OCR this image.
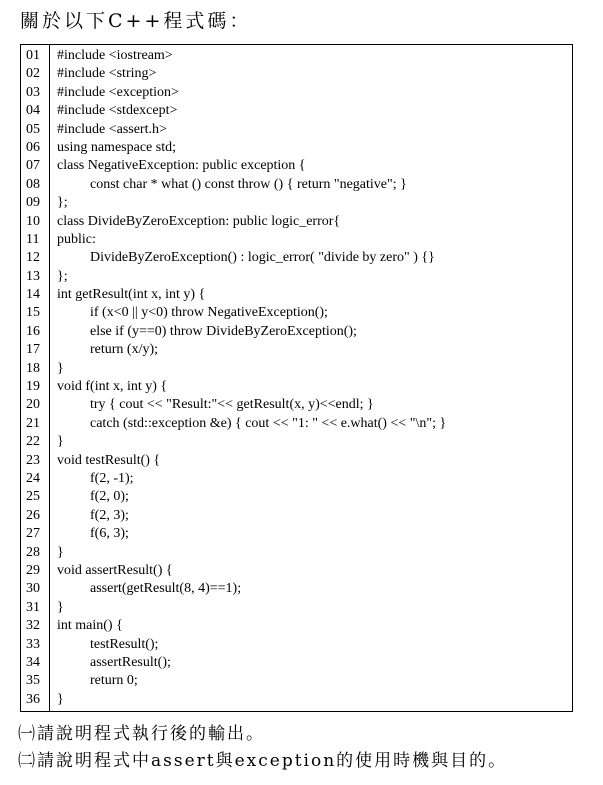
關於以下C++程式碼：
01	#include <iostream>
02	#include <string>
03	#include <exception>
04	#include <stdexcept>
05	#include <assert.h>
06	using namespace std;
07	class NegativeException: public exception {
08	const char * what () const throw () { return "negative"; }
09	};
10	class DivideByZeroException: public logic_error{
11	public:
12	DivideByZeroException() : logic_error( "divide by zero" ) {}
13	};
14	int getResult(int x, int y) {
15	if (x<0 || y<0) throw NegativeException();
16	else if (y==0) throw DivideByZeroException();
17	return (x/y);
18	}
19	void f(int x, int y) {
20	try { cout << "Result:"<< getResult(x, y)<<endl; }
21	catch (std::exception &e) { cout << "1: " << e.what() << "\n"; }
22	}
23	void testResult() {
24	f(2, -1);
25	f(2, 0);
26	f(2, 3);
27	f(6, 3);
28	}
29	void assertResult() {
30	assert(getResult(8, 4)==1);
31	}
32	int main() {
33	testResult();
34	assertResult();
35	return 0;
36	}
㈠請說明程式執行後的輸出。
㈡請說明程式中assert與exception的使用時機與目的。
